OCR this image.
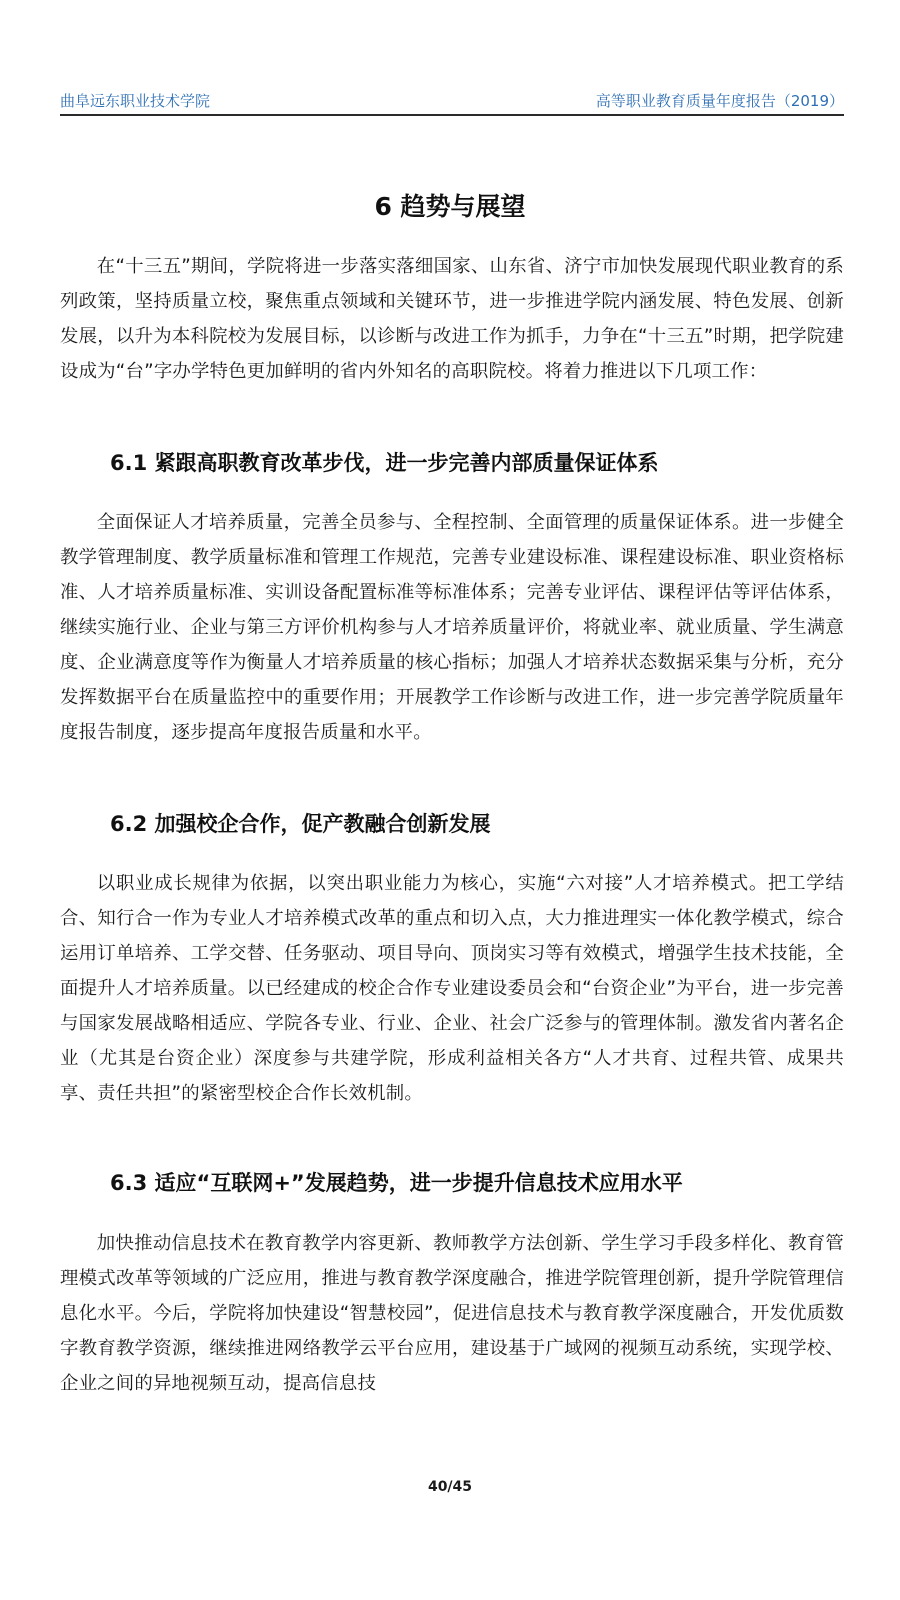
曲阜远东职业技术学院	高等职业教育质量年度报告（2019）
6 趋势与展望

在“十三五”期间，学院将进一步落实落细国家、山东省、济宁市加快发展现代职业教育的系列政策，坚持质量立校，聚焦重点领域和关键环节，进一步推进学院内涵发展、特色发展、创新发展，以升为本科院校为发展目标，以诊断与改进工作为抓手，力争在“十三五”时期，把学院建设成为“台”字办学特色更加鲜明的省内外知名的高职院校。将着力推进以下几项工作：

6.1 紧跟高职教育改革步伐，进一步完善内部质量保证体系

全面保证人才培养质量，完善全员参与、全程控制、全面管理的质量保证体系。进一步健全教学管理制度、教学质量标准和管理工作规范，完善专业建设标准、课程建设标准、职业资格标准、人才培养质量标准、实训设备配置标准等标准体系；完善专业评估、课程评估等评估体系，继续实施行业、企业与第三方评价机构参与人才培养质量评价，将就业率、就业质量、学生满意度、企业满意度等作为衡量人才培养质量的核心指标；加强人才培养状态数据采集与分析，充分发挥数据平台在质量监控中的重要作用；开展教学工作诊断与改进工作，进一步完善学院质量年度报告制度，逐步提高年度报告质量和水平。

6.2 加强校企合作，促产教融合创新发展

以职业成长规律为依据，以突出职业能力为核心，实施“六对接”人才培养模式。把工学结合、知行合一作为专业人才培养模式改革的重点和切入点，大力推进理实一体化教学模式，综合运用订单培养、工学交替、任务驱动、项目导向、顶岗实习等有效模式，增强学生技术技能，全面提升人才培养质量。以已经建成的校企合作专业建设委员会和“台资企业”为平台，进一步完善与国家发展战略相适应、学院各专业、行业、企业、社会广泛参与的管理体制。激发省内著名企业（尤其是台资企业）深度参与共建学院，形成利益相关各方“人才共育、过程共管、成果共享、责任共担”的紧密型校企合作长效机制。

6.3 适应“互联网+”发展趋势，进一步提升信息技术应用水平

加快推动信息技术在教育教学内容更新、教师教学方法创新、学生学习手段多样化、教育管理模式改革等领域的广泛应用，推进与教育教学深度融合，推进学院管理创新，提升学院管理信息化水平。今后，学院将加快建设“智慧校园”，促进信息技术与教育教学深度融合，开发优质数字教育教学资源，继续推进网络教学云平台应用，建设基于广域网的视频互动系统，实现学校、企业之间的异地视频互动，提高信息技

40/45
